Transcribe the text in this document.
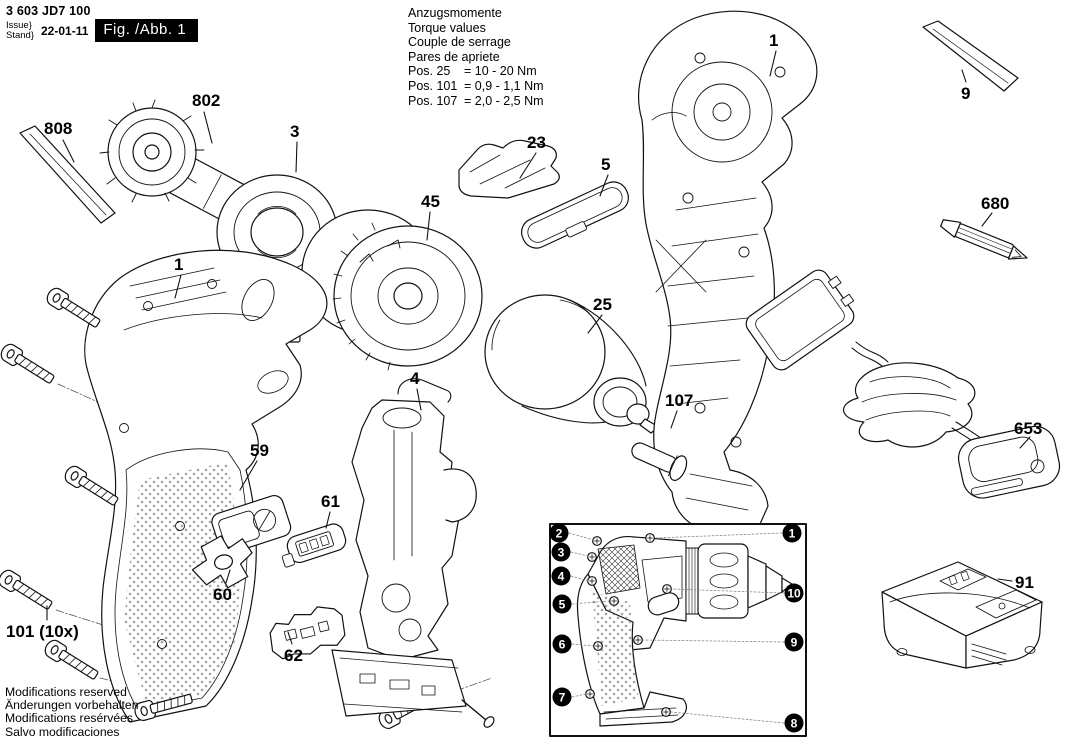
2	1
3
4
5
6
7
10
9
8
3 603 JD7 100
Issue}
Stand} 22-01-11	Fig. /Abb. 1
Anzugsmomente
Torque values
Couple de serrage
Pares de apriete
Pos. 25	= 10 - 20 Nm
Pos. 101 = 0,9 - 1,1 Nm
Pos. 107 = 2,0 - 2,5 Nm
Modifications reserved
Änderungen vorbehalten
Modifications resérvées
Salvo modificaciones
808
802
3
23
45
5
1
25
4
107
59
61
60
62
101 (10x)
1
9
680
653
91
